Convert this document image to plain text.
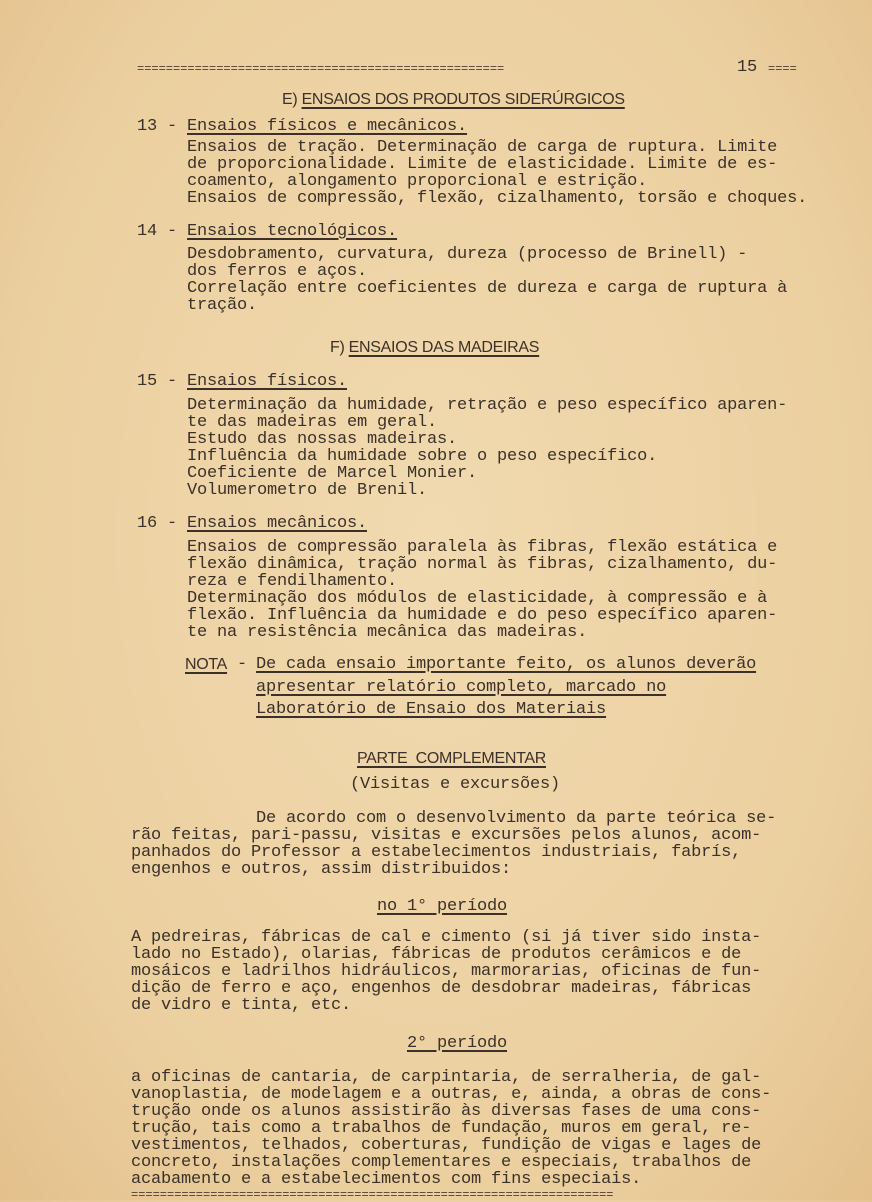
===================================================	15 ====
E) ENSAIOS DOS PRODUTOS SIDERÚRGICOS
13 - Ensaios físicos e mecânicos.
Ensaios de tração. Determinação de carga de ruptura. Limite
de proporcionalidade. Limite de elasticidade. Limite de es-
coamento, alongamento proporcional e estrição.
Ensaios de compressão, flexão, cizalhamento, torsão e choques.
14 - Ensaios tecnológicos.
Desdobramento, curvatura, dureza (processo de Brinell) -
dos ferros e aços.
Correlação entre coeficientes de dureza e carga de ruptura à
tração.
F) ENSAIOS DAS MADEIRAS
15 - Ensaios físicos.
Determinação da humidade, retração e peso específico aparen-
te das madeiras em geral.
Estudo das nossas madeiras.
Influência da humidade sobre o peso específico.
Coeficiente de Marcel Monier.
Volumerometro de Brenil.
16 - Ensaios mecânicos.
Ensaios de compressão paralela às fibras, flexão estática e
flexão dinâmica, tração normal às fibras, cizalhamento, du-
reza e fendilhamento.
Determinação dos módulos de elasticidade, à compressão e à
flexão. Influência da humidade e do peso específico aparen-
te na resistência mecânica das madeiras.
NOTA - De cada ensaio importante feito, os alunos deverão
apresentar relatório completo, marcado no
Laboratório de Ensaio dos Materiais
PARTE  COMPLEMENTAR
(Visitas e excursões)
De acordo com o desenvolvimento da parte teórica se-
rão feitas, pari-passu, visitas e excursões pelos alunos, acom-
panhados do Professor a estabelecimentos industriais, fabrís,
engenhos e outros, assim distribuidos:
no 1° período
A pedreiras, fábricas de cal e cimento (si já tiver sido insta-
lado no Estado), olarias, fábricas de produtos cerâmicos e de
mosáicos e ladrilhos hidráulicos, marmorarias, oficinas de fun-
dição de ferro e aço, engenhos de desdobrar madeiras, fábricas
de vidro e tinta, etc.
2° período
a oficinas de cantaria, de carpintaria, de serralheria, de gal-
vanoplastia, de modelagem e a outras, e, ainda, a obras de cons-
trução onde os alunos assistirão às diversas fases de uma cons-
trução, tais como a trabalhos de fundação, muros em geral, re-
vestimentos, telhados, coberturas, fundição de vigas e lages de
concreto, instalações complementares e especiais, trabalhos de
acabamento e a estabelecimentos com fins especiais.
===================================================================
